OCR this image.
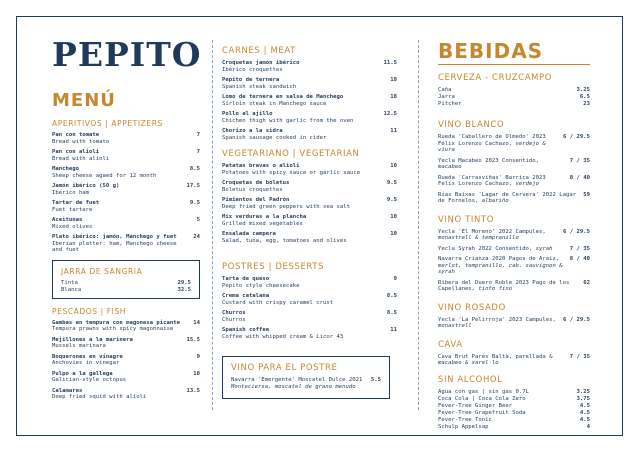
PEPITO
MENÚ
APERITIVOS | APPETIZERS
Pan con tomate
Bread with tomato
7
Pan con alioli
Bread with alioli
7
Manchego
Sheep cheese agaed for 12 month
8.5
Jamón ibérico (50 g)
Ibérico ham
17.5
Tartar de fuet
Fuet tartare
9.5
Aceitunas
Mixed olives
5
Plato ibérico: jamón, Manchego y fuet
Iberian platter: ham, Manchego cheese and fuet
24
JARRA DE SANGRIA
Tinta	29.5
Blanca	32.5
PESCADOS | FISH
Gambas en tempura con magonesa picante
Tempura prawns with spicy magonnaise
14
Mejillones a la marinera
Mussels marinara
15.5
Boquerones en vinagre
Anchovies in vinegar
9
Pulpo a la gallega
Galician-style octopus
18
Calamares
Deep fried squid with alioli
13.5
CARNES | MEAT
Croquetas jamón ibérico
Ibérico croquettes
11.5
Pepito de ternera
Spanish steak sandwich
18
Lomo de ternera en salsa de Manchego
Sirloin steak in Manchego sauce
18
Pollo al ajillo
Chichen thigh with garlic from the oven
12.5
Chorizo a la sidra
Spanish sausage cooked in cider
11
VEGETARIANO | VEGETARIAN
Patatas bravas o alioli
Potatoes with spicy sauce or garlic sauce
10
Croquetas de boletus
Boletus croquettes
9.5
Pimientos del Padrón
Deep fried green peppers with sea salt
9.5
Mix verduras a la plancha
Grilled mixed vegetables
10
Ensalada campera
Salad, tuna, egg, tomatoes and olives
10
POSTRES | DESSERTS
Tarta de queso
Pepito style cheesecake
9
Crema catalana
Custard with crispy caramel crust
8.5
Churros
Churros
8.5
Spanish coffee
Coffee with whipped cream & Licor 43
11
VINO PARA EL POSTRE
Navarra 'Emergente' Moscatel Dulce 2021
Monteciersa, moscatel de grano menudo
5.5
BEBIDAS
CERVEZA - CRUZCAMPO
Caña	3.25
Jarra	6.5
Pitcher	23
VINO BLANCO
Rueda 'Caballero de Olmedo' 2023 Félix Lorenzo Cachazo, verdejo & viura
6 / 29.5
Yecla Macabeo 2023 Consentido, macabeo
7 / 35
Rueda 'Carrasviñas' Barrica 2023 Félix Lorenzo Cachazo, verdejo
8 / 40
Rías Baixas 'Lagar de Cervera' 2022 Lagar de Fornelos, albariño
59
VINO TINTO
Yecla 'El Moreno' 2022 Campules, monastrell & tempranillo
6 / 29.5
Yecla Syrah 2022 Consentido, syrah	7 / 35
Navarra Crianza 2020 Pagos de Araiz, merlot, tempranillo, cab. sauvignon & syrah
8 / 40
Ribera del Duero Roble 2023 Pago de los Capellanes, tinto fino
62
VINO ROSADO
Yecla 'La Pelirroja' 2023 Campules, monastrell
6 / 29.5
CAVA
Cava Brut Parés Baltà, parellada & macabeo & xarel·lo
7 / 35
SIN ALCOHOL
Agua con gas | sin gas 0.7L	3.25
Coca Cola | Coca Cola Zero	3.75
Fever-Tree Ginger Beer	4.5
Fever-Tree Grapefruit Soda	4.5
Fever-Tree Tonic	4.5
Schulp Appelsap	4
